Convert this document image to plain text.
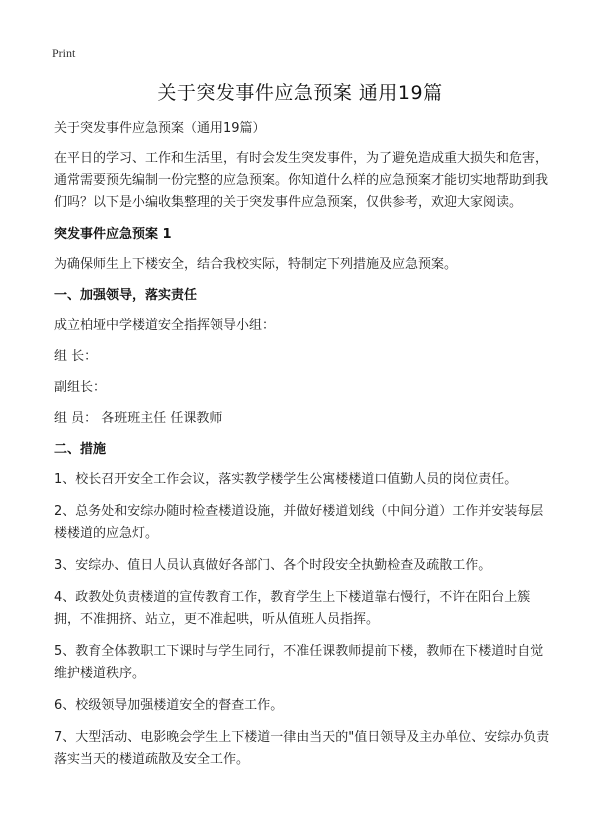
Print
关于突发事件应急预案 通用19篇

关于突发事件应急预案（通用19篇）

在平日的学习、工作和生活里，有时会发生突发事件，为了避免造成重大损失和危害，通常需要预先编制一份完整的应急预案。你知道什么样的应急预案才能切实地帮助到我们吗？以下是小编收集整理的关于突发事件应急预案，仅供参考，欢迎大家阅读。

突发事件应急预案 1

为确保师生上下楼安全，结合我校实际，特制定下列措施及应急预案。

一、加强领导，落实责任

成立柏垭中学楼道安全指挥领导小组：

组 长：

副组长：

组 员： 各班班主任 任课教师

二、措施

1、校长召开安全工作会议，落实教学楼学生公寓楼楼道口值勤人员的岗位责任。

2、总务处和安综办随时检查楼道设施，并做好楼道划线（中间分道）工作并安装每层楼楼道的应急灯。

3、安综办、值日人员认真做好各部门、各个时段安全执勤检查及疏散工作。

4、政教处负责楼道的宣传教育工作，教育学生上下楼道靠右慢行，不许在阳台上簇拥，不准拥挤、站立，更不准起哄，听从值班人员指挥。

5、教育全体教职工下课时与学生同行，不准任课教师提前下楼，教师在下楼道时自觉维护楼道秩序。

6、校级领导加强楼道安全的督查工作。

7、大型活动、电影晚会学生上下楼道一律由当天的"值日领导及主办单位、安综办负责落实当天的楼道疏散及安全工作。
